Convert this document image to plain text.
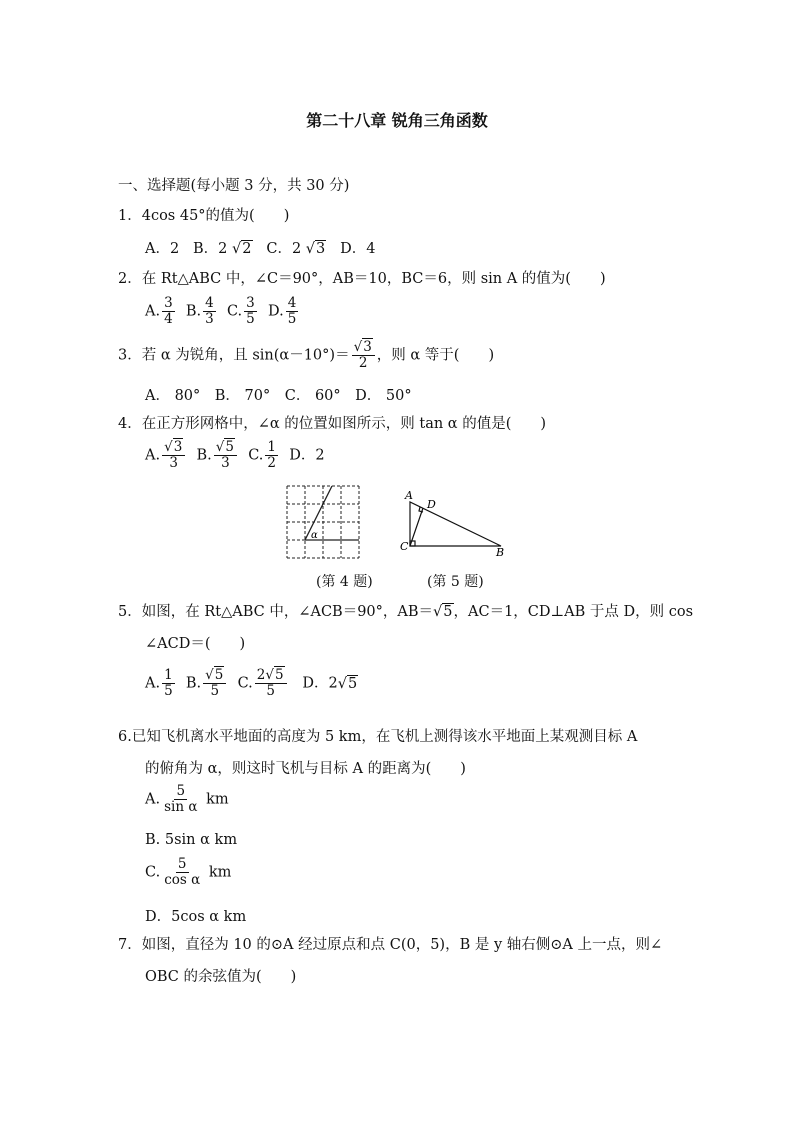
第二十八章 锐角三角函数
一、选择题(每小题 3 分，共 30 分)
1．4cos 45°的值为(　　)
A．2 B．2 √2 C．2 √3 D．4
2．在 Rt△ABC 中，∠C＝90°，AB＝10，BC＝6，则 sin A 的值为(　　)
A. $\frac{3}{4} B$. $\frac{4}{3} C$. $\frac{3}{5} D$. $\frac{4}{5}$
3．若 α 为锐角，且 $\sin(\alpha-10^\circ)= \frac{√3}{2}$ ，则 α 等于(　　)
A． 80°　B． 70°　C． 60°　D． 50°
4．在正方形网格中，∠α 的位置如图所示，则 tan α 的值是(　　)
A. $\frac{√3}{3} B$. $\frac{√5}{3} C$. $\frac{1}{2}$ D．2
α
A
D
C	B
(第 4 题)	(第 5 题)
5．如图，在 Rt△ABC 中，∠ACB＝90°，AB＝√5，AC＝1，CD⊥AB 于点 D，则 cos
∠ACD＝(　　)
A. $\frac{1}{5} B$. $\frac{√5}{5} C$. $\frac{2√5}{5}$ D．2√5
6.已知飞机离水平地面的高度为 5 km，在飞机上测得该水平地面上某观测目标 A
的俯角为 α，则这时飞机与目标 A 的距离为(　　)
A. $\frac{5}{\text{sin α}}$ km
B. 5sin α km
C. $\frac{5}{\text{cos α}}$ km
D．5cos α km
7．如图，直径为 10 的⊙A 经过原点和点 C(0，5)，B 是 y 轴右侧⊙A 上一点，则∠
OBC 的余弦值为(　　)
